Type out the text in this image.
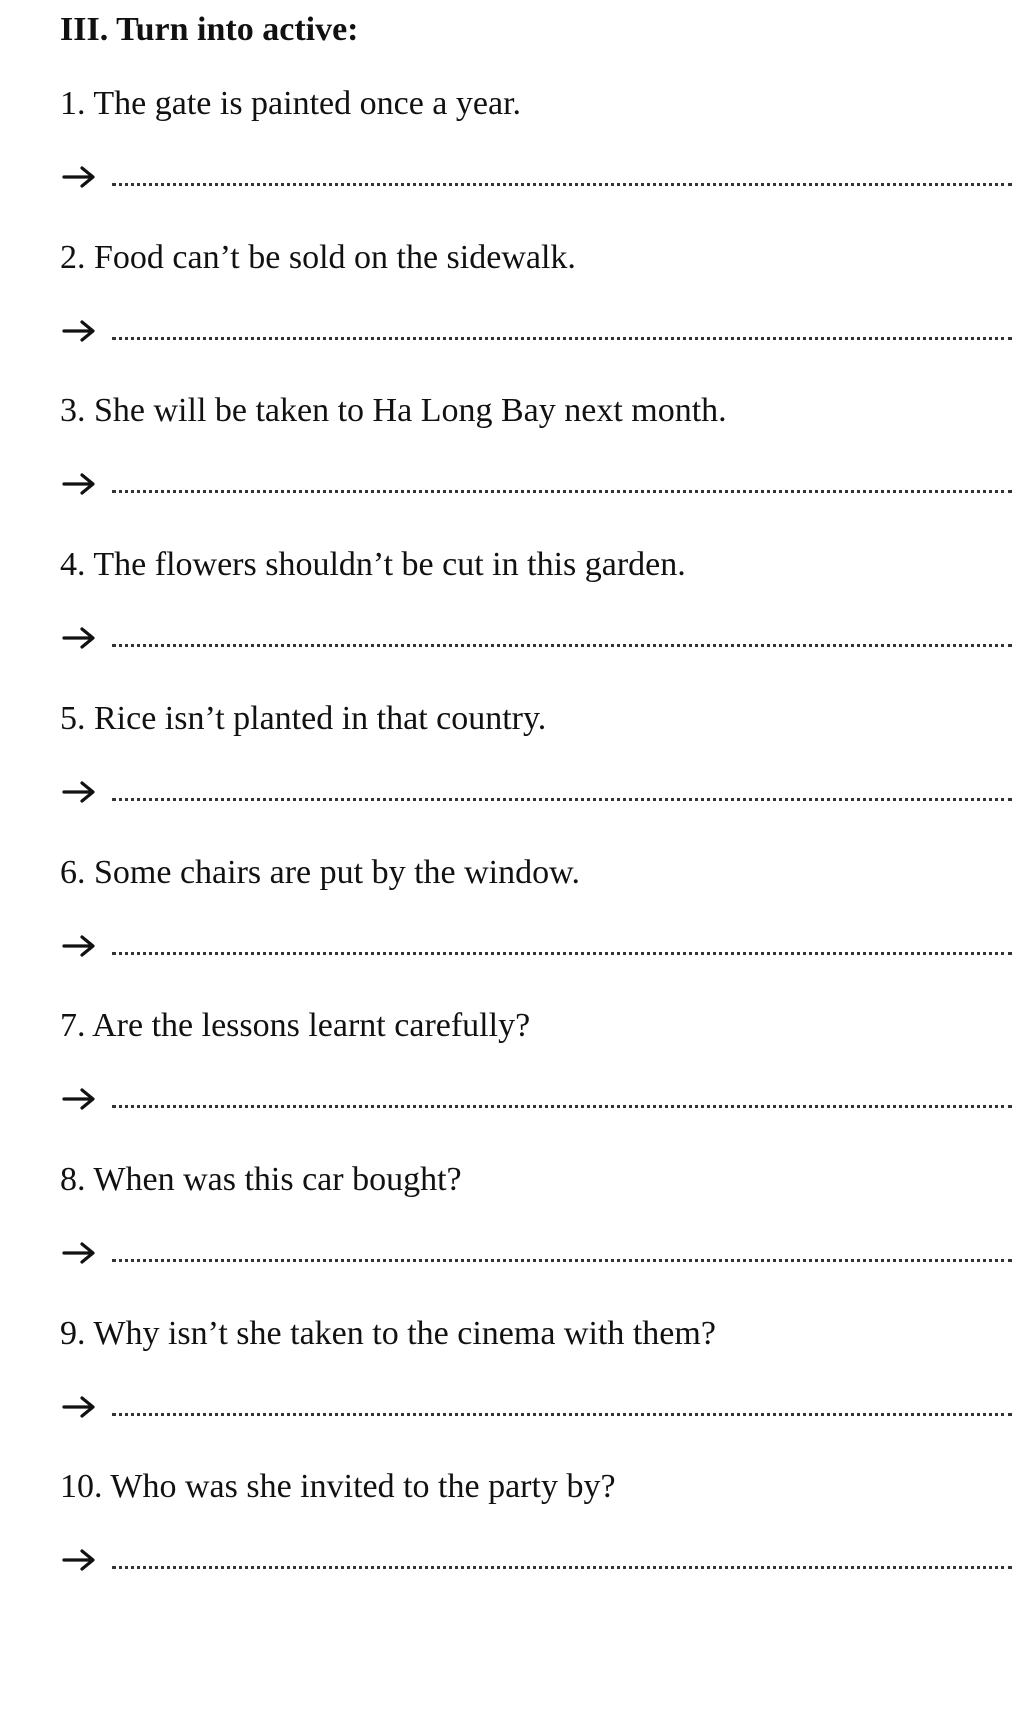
III. Turn into active:

1. The gate is painted once a year.

2. Food can’t be sold on the sidewalk.

3. She will be taken to Ha Long Bay next month.

4. The flowers shouldn’t be cut in this garden.

5. Rice isn’t planted in that country.

6. Some chairs are put by the window.

7. Are the lessons learnt carefully?

8. When was this car bought?

9. Why isn’t she taken to the cinema with them?

10. Who was she invited to the party by?
